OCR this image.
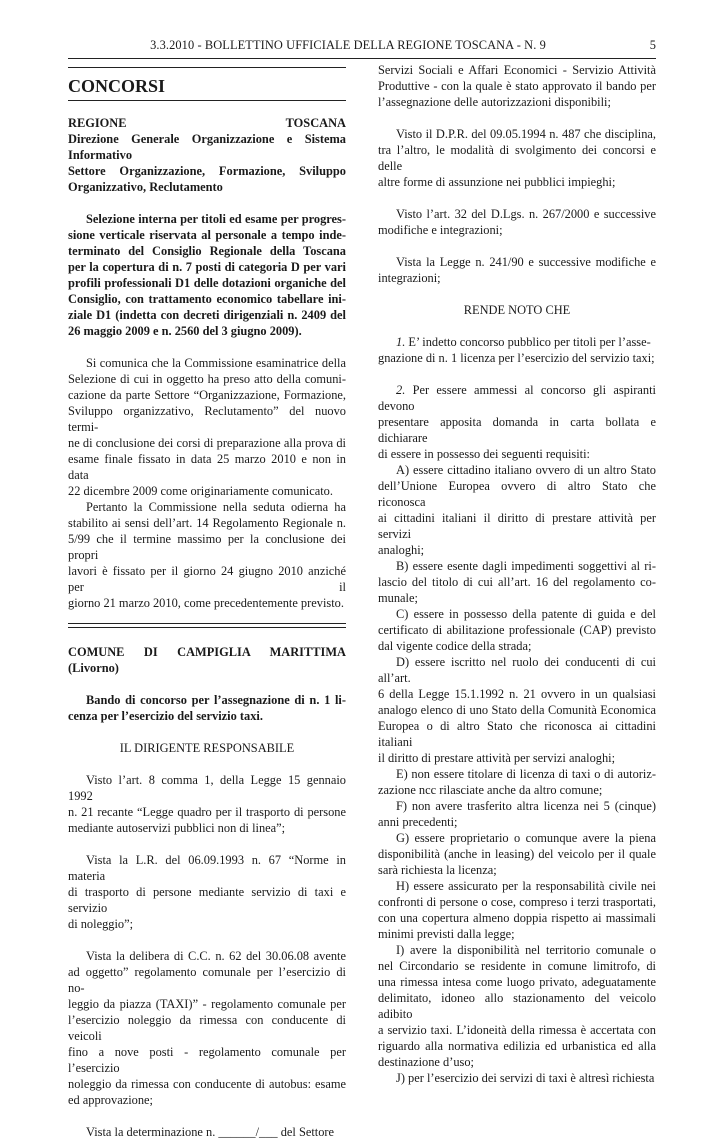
3.3.2010 - BOLLETTINO UFFICIALE DELLA REGIONE TOSCANA - N. 9	5
CONCORSI

REGIONE TOSCANA

Direzione Generale Organizzazione e Sistema

Informativo

Settore Organizzazione, Formazione, Sviluppo

Organizzativo, Reclutamento

Selezione interna per titoli ed esame per progres-

sione verticale riservata al personale a tempo inde-

terminato del Consiglio Regionale della Toscana

per la copertura di n. 7 posti di categoria D per vari

profili professionali D1 delle dotazioni organiche del

Consiglio, con trattamento economico tabellare ini-

ziale D1 (indetta con decreti dirigenziali n. 2409 del

26 maggio 2009 e n. 2560 del 3 giugno 2009).

Si comunica che la Commissione esaminatrice della

Selezione di cui in oggetto ha preso atto della comuni-

cazione da parte Settore “Organizzazione, Formazione,

Sviluppo organizzativo, Reclutamento” del nuovo termi-

ne di conclusione dei corsi di preparazione alla prova di

esame finale fissato in data 25 marzo 2010 e non in data

22 dicembre 2009 come originariamente comunicato.

Pertanto la Commissione nella seduta odierna ha

stabilito ai sensi dell’art. 14 Regolamento Regionale n.

5/99 che il termine massimo per la conclusione dei propri

lavori è fissato per il giorno 24 giugno 2010 anziché per il

giorno 21 marzo 2010, come precedentemente previsto.

COMUNE DI CAMPIGLIA MARITTIMA

(Livorno)

Bando di concorso per l’assegnazione di n. 1 li-

cenza per l’esercizio del servizio taxi.

IL DIRIGENTE RESPONSABILE

Visto l’art. 8 comma 1, della Legge 15 gennaio 1992

n. 21 recante “Legge quadro per il trasporto di persone

mediante autoservizi pubblici non di linea”;

Vista la L.R. del 06.09.1993 n. 67 “Norme in materia

di trasporto di persone mediante servizio di taxi e servizio

di noleggio”;

Vista la delibera di C.C. n. 62 del 30.06.08 avente

ad oggetto” regolamento comunale per l’esercizio di no-

leggio da piazza (TAXI)” - regolamento comunale per

l’esercizio noleggio da rimessa con conducente di veicoli

fino a nove posti - regolamento comunale per l’esercizio

noleggio da rimessa con conducente di autobus: esame

ed approvazione;

Vista la determinazione n. ______/___ del Settore

Servizi Sociali e Affari Economici - Servizio Attività

Produttive - con la quale è stato approvato il bando per

l’assegnazione delle autorizzazioni disponibili;

Visto il D.P.R. del 09.05.1994 n. 487 che disciplina,

tra l’altro, le modalità di svolgimento dei concorsi e delle

altre forme di assunzione nei pubblici impieghi;

Visto l’art. 32 del D.Lgs. n. 267/2000 e successive

modifiche e integrazioni;

Vista la Legge n. 241/90 e successive modifiche e

integrazioni;

RENDE NOTO CHE

1. E’ indetto concorso pubblico per titoli per l’asse-

gnazione di n. 1 licenza per l’esercizio del servizio taxi;

2. Per essere ammessi al concorso gli aspiranti devono

presentare apposita domanda in carta bollata e dichiarare

di essere in possesso dei seguenti requisiti:

A) essere cittadino italiano ovvero di un altro Stato

dell’Unione Europea ovvero di altro Stato che riconosca

ai cittadini italiani il diritto di prestare attività per servizi

analoghi;

B) essere esente dagli impedimenti soggettivi al ri-

lascio del titolo di cui all’art. 16 del regolamento co-

munale;

C) essere in possesso della patente di guida e del

certificato di abilitazione professionale (CAP) previsto

dal vigente codice della strada;

D) essere iscritto nel ruolo dei conducenti di cui all’art.

6 della Legge 15.1.1992 n. 21 ovvero in un qualsiasi

analogo elenco di uno Stato della Comunità Economica

Europea o di altro Stato che riconosca ai cittadini italiani

il diritto di prestare attività per servizi analoghi;

E) non essere titolare di licenza di taxi o di autoriz-

zazione ncc rilasciate anche da altro comune;

F) non avere trasferito altra licenza nei 5 (cinque)

anni precedenti;

G) essere proprietario o comunque avere la piena

disponibilità (anche in leasing) del veicolo per il quale

sarà richiesta la licenza;

H) essere assicurato per la responsabilità civile nei

confronti di persone o cose, compreso i terzi trasportati,

con una copertura almeno doppia rispetto ai massimali

minimi previsti dalla legge;

I) avere la disponibilità nel territorio comunale o

nel Circondario se residente in comune limitrofo, di

una rimessa intesa come luogo privato, adeguatamente

delimitato, idoneo allo stazionamento del veicolo adibito

a servizio taxi. L’idoneità della rimessa è accertata con

riguardo alla normativa edilizia ed urbanistica ed alla

destinazione d’uso;

J) per l’esercizio dei servizi di taxi è altresì richiesta
